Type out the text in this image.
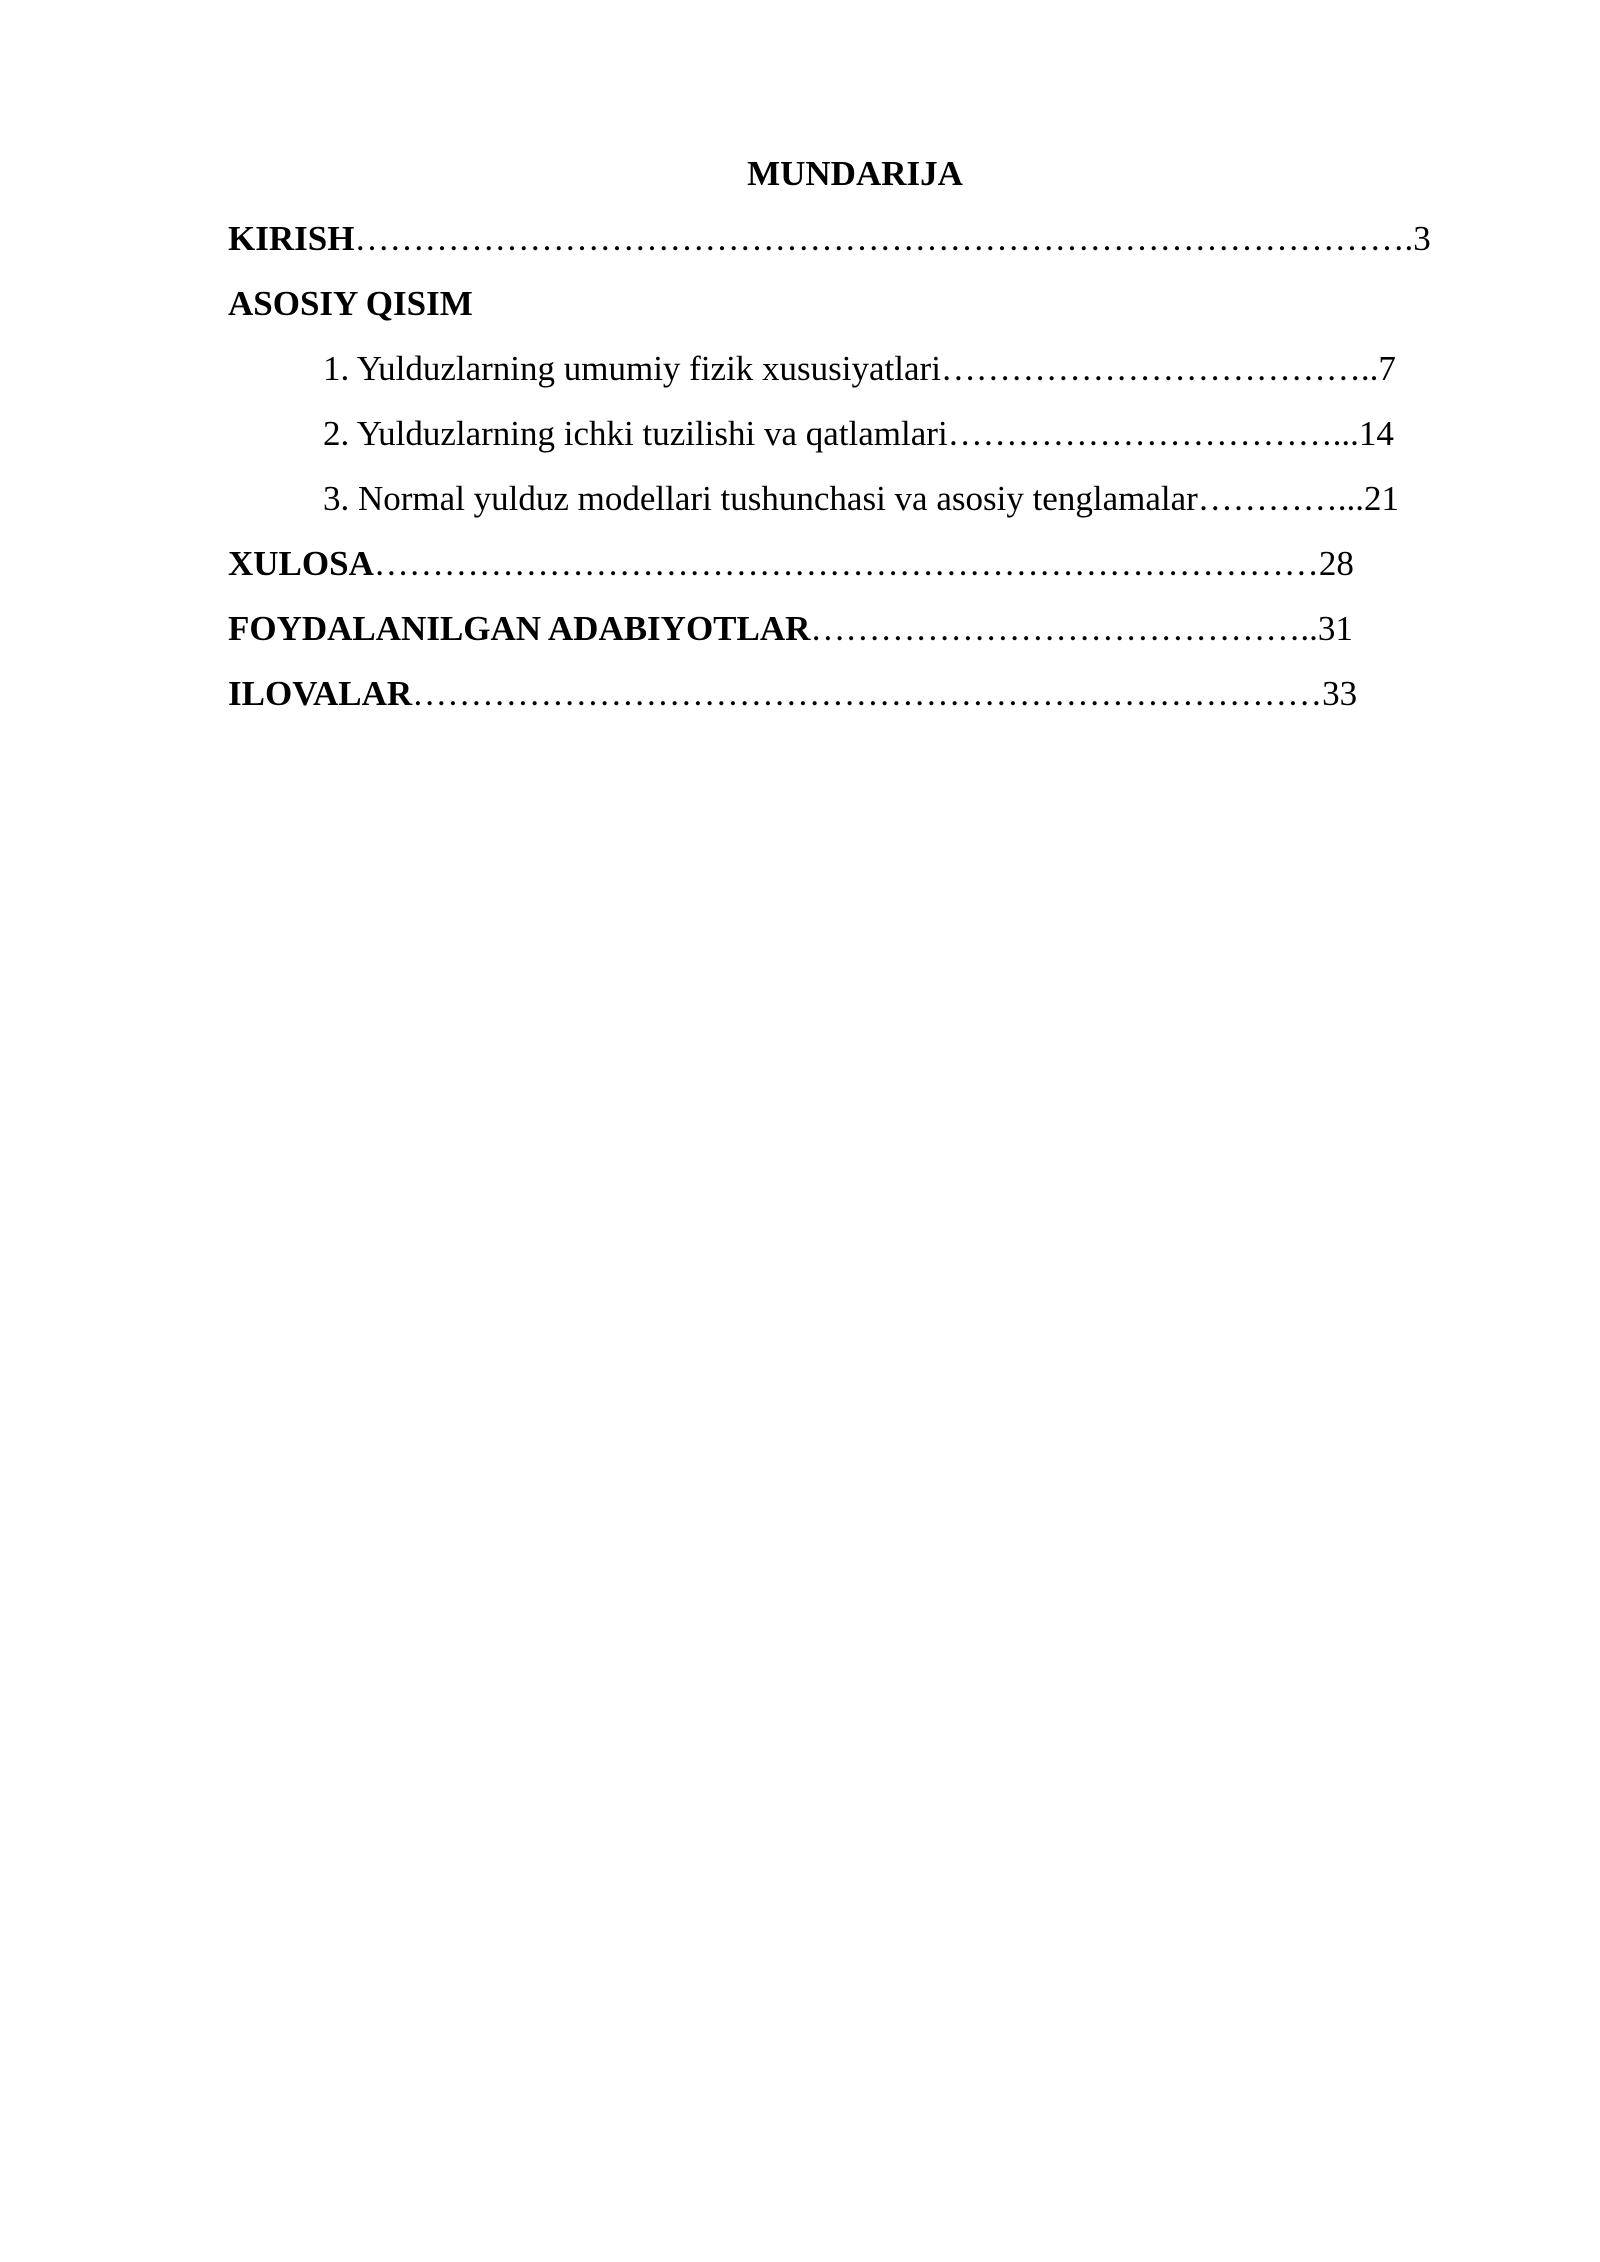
MUNDARIJA
KIRISH……………………………………………………………………………….3
ASOSIY QISIM
1. Yulduzlarning umumiy fizik xususiyatlari………………………………..7
2. Yulduzlarning ichki tuzilishi va qatlamlari……………………………...14
3. Normal yulduz modellari tushunchasi va asosiy tenglamalar…………...21
XULOSA………………………………………………………………………28
FOYDALANILGAN ADABIYOTLAR……………………………………..31
ILOVALAR……………………………………………………………………33
